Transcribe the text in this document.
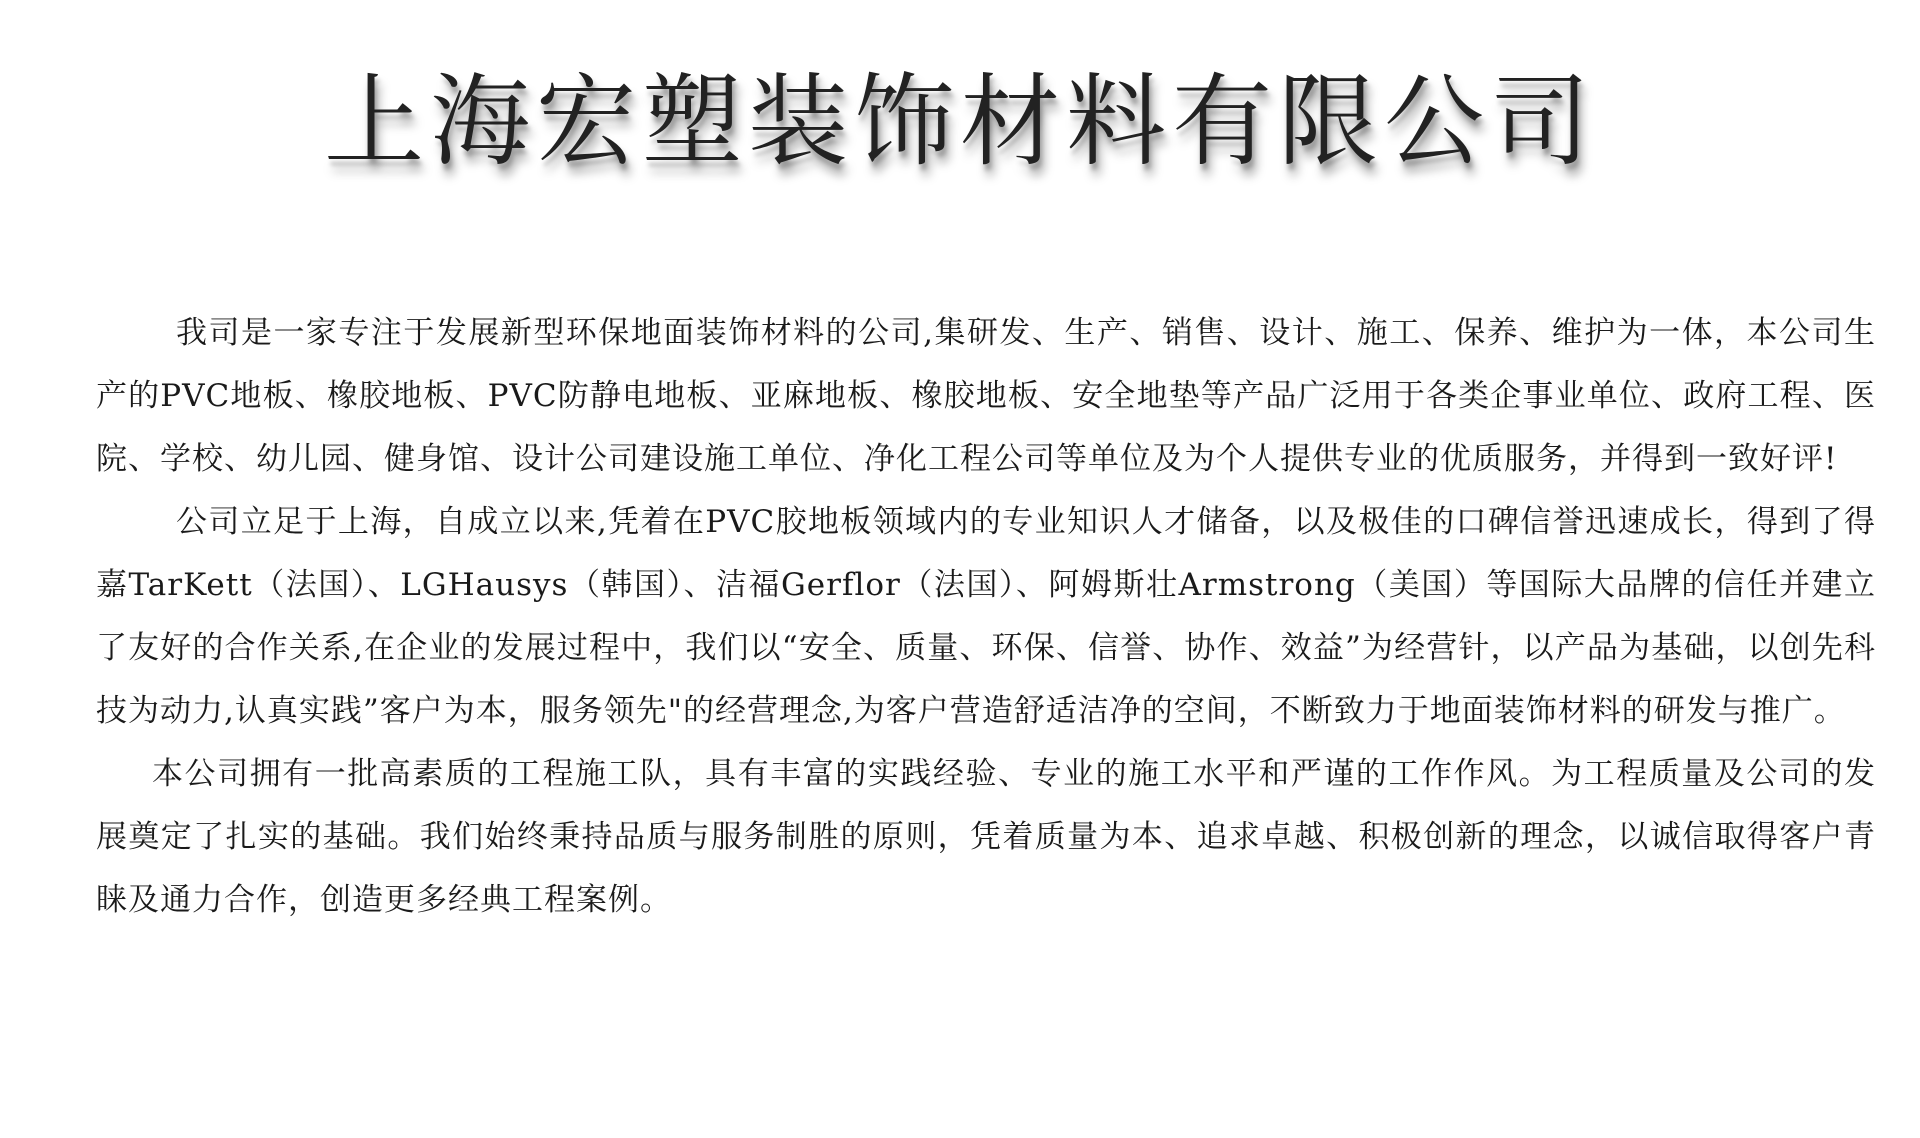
上海宏塑装饰材料有限公司

我司是一家专注于发展新型环保地面装饰材料的公司,集研发、生产、销售、设计、施工、保养、维护为一体，本公司生产的PVC地板、橡胶地板、PVC防静电地板、亚麻地板、橡胶地板、安全地垫等产品广泛用于各类企事业单位、政府工程、医院、学校、幼儿园、健身馆、设计公司建设施工单位、净化工程公司等单位及为个人提供专业的优质服务，并得到一致好评!

公司立足于上海，自成立以来,凭着在PVC胶地板领域内的专业知识人才储备，以及极佳的口碑信誉迅速成长，得到了得嘉TarKett（法国）、LGHausys（韩国）、洁福Gerflor（法国）、阿姆斯壮Armstrong（美国）等国际大品牌的信任并建立了友好的合作关系,在企业的发展过程中，我们以“安全、质量、环保、信誉、协作、效益”为经营针，以产品为基础，以创先科技为动力,认真实践”客户为本，服务领先"的经营理念,为客户营造舒适洁净的空间，不断致力于地面装饰材料的研发与推广。

本公司拥有一批高素质的工程施工队，具有丰富的实践经验、专业的施工水平和严谨的工作作风。为工程质量及公司的发展奠定了扎实的基础。我们始终秉持品质与服务制胜的原则，凭着质量为本、追求卓越、积极创新的理念，以诚信取得客户青睐及通力合作，创造更多经典工程案例。
